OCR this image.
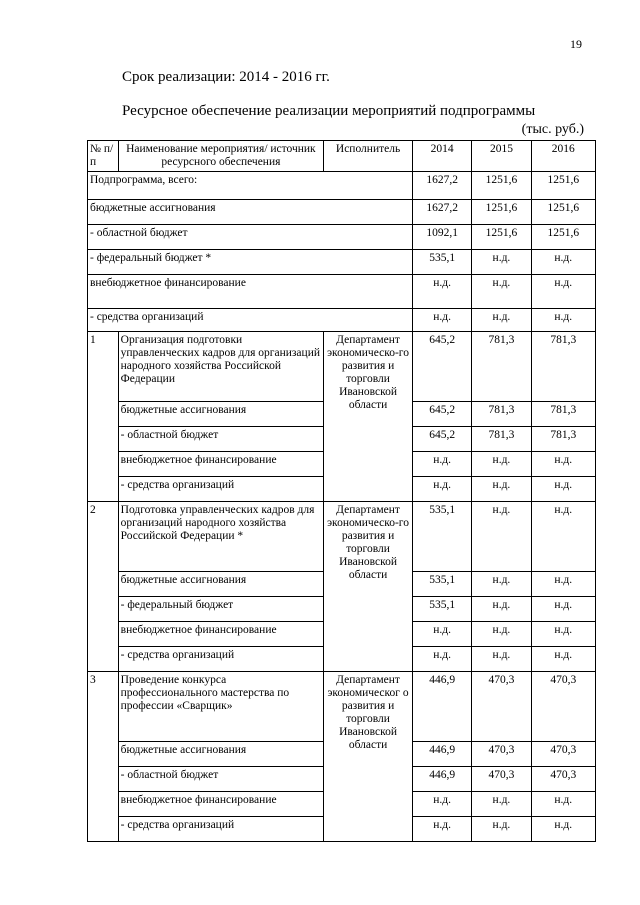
19
Срок реализации: 2014 - 2016 гг.
Ресурсное обеспечение реализации мероприятий подпрограммы
(тыс. руб.)
№ п/п	Наименование мероприятия/ источник ресурсного обеспечения	Исполнитель	2014	2015	2016
Подпрограмма, всего:			1627,2	1251,6	1251,6
бюджетные ассигнования			1627,2	1251,6	1251,6
- областной бюджет			1092,1	1251,6	1251,6
- федеральный бюджет *			535,1	н.д.	н.д.
внебюджетное финансирование			н.д.	н.д.	н.д.
- средства организаций			н.д.	н.д.	н.д.
1	Организация подготовки управленческих кадров для организаций народного хозяйства Российской Федерации	Департамент экономическо-го развития и торговли Ивановской области	645,2	781,3	781,3
	бюджетные ассигнования		645,2	781,3	781,3
	- областной бюджет		645,2	781,3	781,3
	внебюджетное финансирование		н.д.	н.д.	н.д.
	- средства организаций		н.д.	н.д.	н.д.
2	Подготовка управленческих кадров для организаций народного хозяйства Российской Федерации *	Департамент экономическо-го развития и торговли Ивановской области	535,1	н.д.	н.д.
	бюджетные ассигнования		535,1	н.д.	н.д.
	- федеральный бюджет		535,1	н.д.	н.д.
	внебюджетное финансирование		н.д.	н.д.	н.д.
	- средства организаций		н.д.	н.д.	н.д.
3	Проведение конкурса профессионального мастерства по профессии «Сварщик»	Департамент экономическог о развития и торговли Ивановской области	446,9	470,3	470,3
	бюджетные ассигнования		446,9	470,3	470,3
	- областной бюджет		446,9	470,3	470,3
	внебюджетное финансирование		н.д.	н.д.	н.д.
	- средства организаций		н.д.	н.д.	н.д.
